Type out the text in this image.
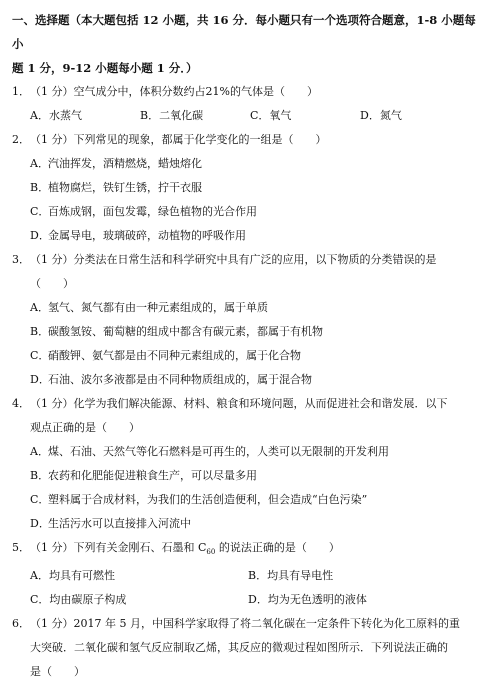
一、选择题（本大题包括 12 小题，共 16 分．每小题只有一个选项符合题意，1-8 小题每小

题 1 分，9-12 小题每小题 1 分．）

1．（1 分）空气成分中，体积分数约占21%的气体是（　　）

A．水蒸气	B．二氧化碳	C．氧气	D．氮气

2．（1 分）下列常见的现象，都属于化学变化的一组是（　　）

A．汽油挥发，酒精燃烧，蜡烛熔化

B．植物腐烂，铁钉生锈，拧干衣服

C．百炼成钢，面包发霉，绿色植物的光合作用

D．金属导电，玻璃破碎，动植物的呼吸作用

3．（1 分）分类法在日常生活和科学研究中具有广泛的应用，以下物质的分类错误的是

（　　）

A．氢气、氮气都有由一种元素组成的，属于单质

B．碳酸氢铵、葡萄糖的组成中都含有碳元素，都属于有机物

C．硝酸钾、氨气都是由不同种元素组成的，属于化合物

D．石油、波尔多液都是由不同种物质组成的，属于混合物

4．（1 分）化学为我们解决能源、材料、粮食和环境问题，从而促进社会和谐发展．以下

观点正确的是（　　）

A．煤、石油、天然气等化石燃料是可再生的，人类可以无限制的开发利用

B．农药和化肥能促进粮食生产，可以尽量多用

C．塑料属于合成材料，为我们的生活创造便利，但会造成“白色污染”

D．生活污水可以直接排入河流中

5．（1 分）下列有关金刚石、石墨和 $C_{60}$ 的说法正确的是（　　）

A．均具有可燃性	B．均具有导电性
C．均由碳原子构成	D．均为无色透明的液体

6．（1 分）2017 年 5 月，中国科学家取得了将二氧化碳在一定条件下转化为化工原料的重

大突破．二氧化碳和氢气反应制取乙烯，其反应的微观过程如图所示．下列说法正确的

是（　　）
